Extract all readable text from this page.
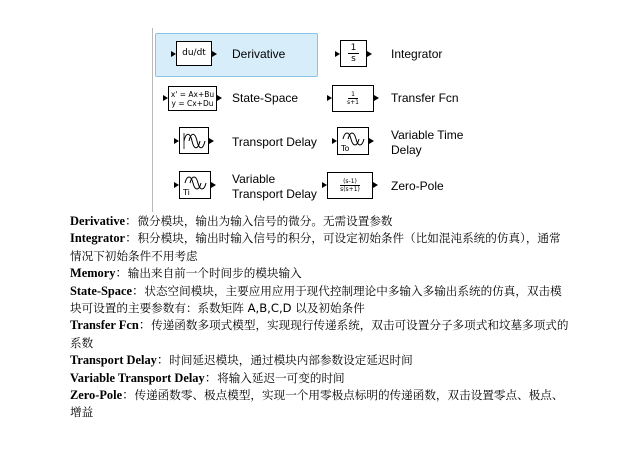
du/dt Derivative	$\frac{1}{s}$	Integrator
x' = Ax+Bu
y = Cx+Du State-Space	$\frac{1}{s+1}$	Transfer Fcn
Transport Delay	To
Variable Time
Delay
Ti
Variable
Transport Delay
$\frac{(s-1)}{s(s+1)}$	Zero-Pole

Derivative：微分模块，输出为输入信号的微分。无需设置参数

Integrator：积分模块，输出时输入信号的积分，可设定初始条件（比如混沌系统的仿真），通常情况下初始条件不用考虑

Memory：输出来自前一个时间步的模块输入

State-Space：状态空间模块，主要应用应用于现代控制理论中多输入多输出系统的仿真，双击模块可设置的主要参数有：系数矩阵 A,B,C,D 以及初始条件

Transfer Fcn：传递函数多项式模型，实现现行传递系统，双击可设置分子多项式和坟墓多项式的系数

Transport Delay：时间延迟模块，通过模块内部参数设定延迟时间

Variable Transport Delay：将输入延迟一可变的时间

Zero-Pole：传递函数零、极点模型，实现一个用零极点标明的传递函数，双击设置零点、极点、增益
